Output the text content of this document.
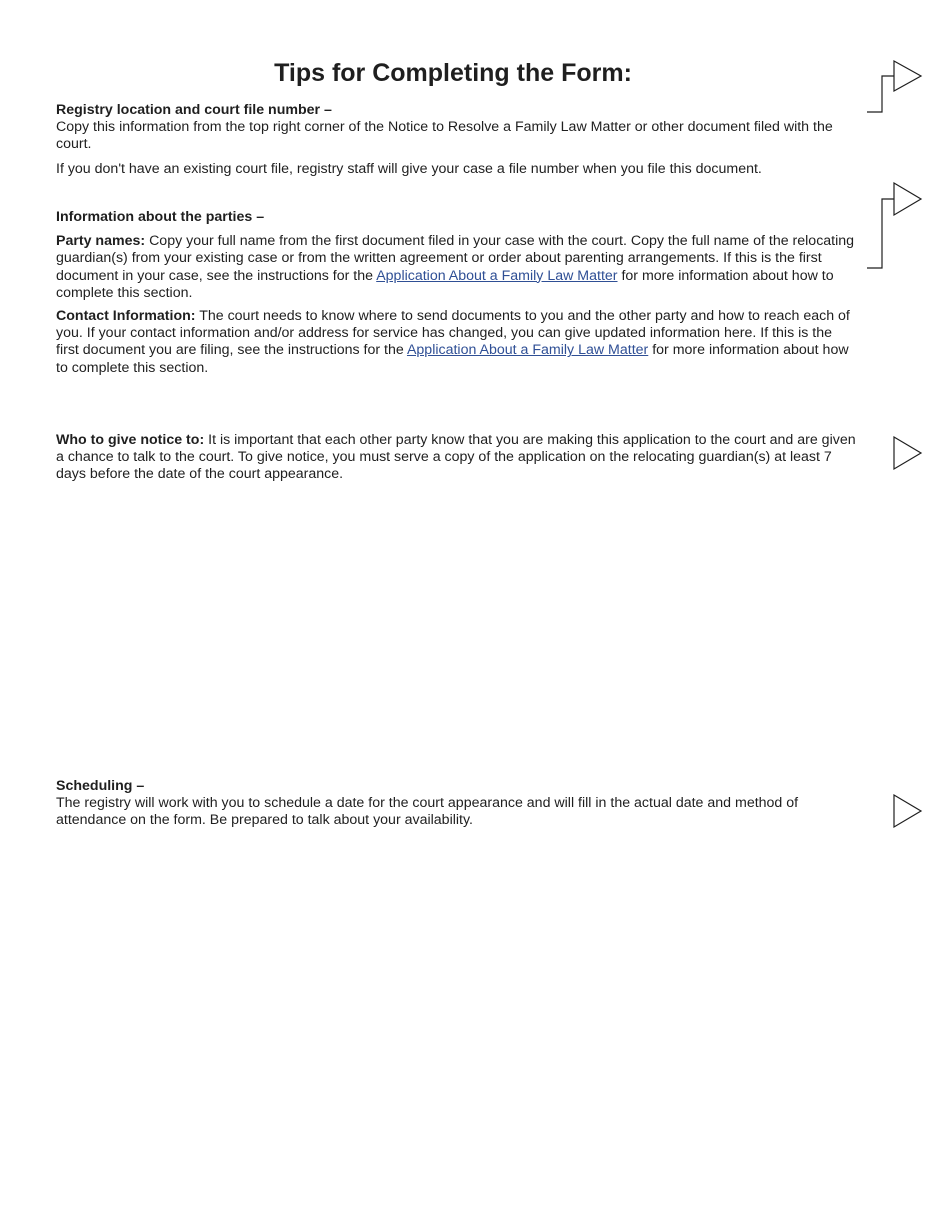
Tips for Completing the Form:

Registry location and court file number –

Copy this information from the top right corner of the Notice to Resolve a Family Law Matter or other document filed with the court.

If you don't have an existing court file, registry staff will give your case a file number when you file this document.

Information about the parties –

Party names: Copy your full name from the first document filed in your case with the court. Copy the full name of the relocating guardian(s) from your existing case or from the written agreement or order about parenting arrangements. If this is the first document in your case, see the instructions for the Application About a Family Law Matter for more information about how to complete this section.

Contact Information: The court needs to know where to send documents to you and the other party and how to reach each of you. If your contact information and/or address for service has changed, you can give updated information here. If this is the first document you are filing, see the instructions for the Application About a Family Law Matter for more information about how to complete this section.

Who to give notice to: It is important that each other party know that you are making this application to the court and are given a chance to talk to the court. To give notice, you must serve a copy of the application on the relocating guardian(s) at least 7 days before the date of the court appearance.

Scheduling –

The registry will work with you to schedule a date for the court appearance and will fill in the actual date and method of attendance on the form. Be prepared to talk about your availability.
